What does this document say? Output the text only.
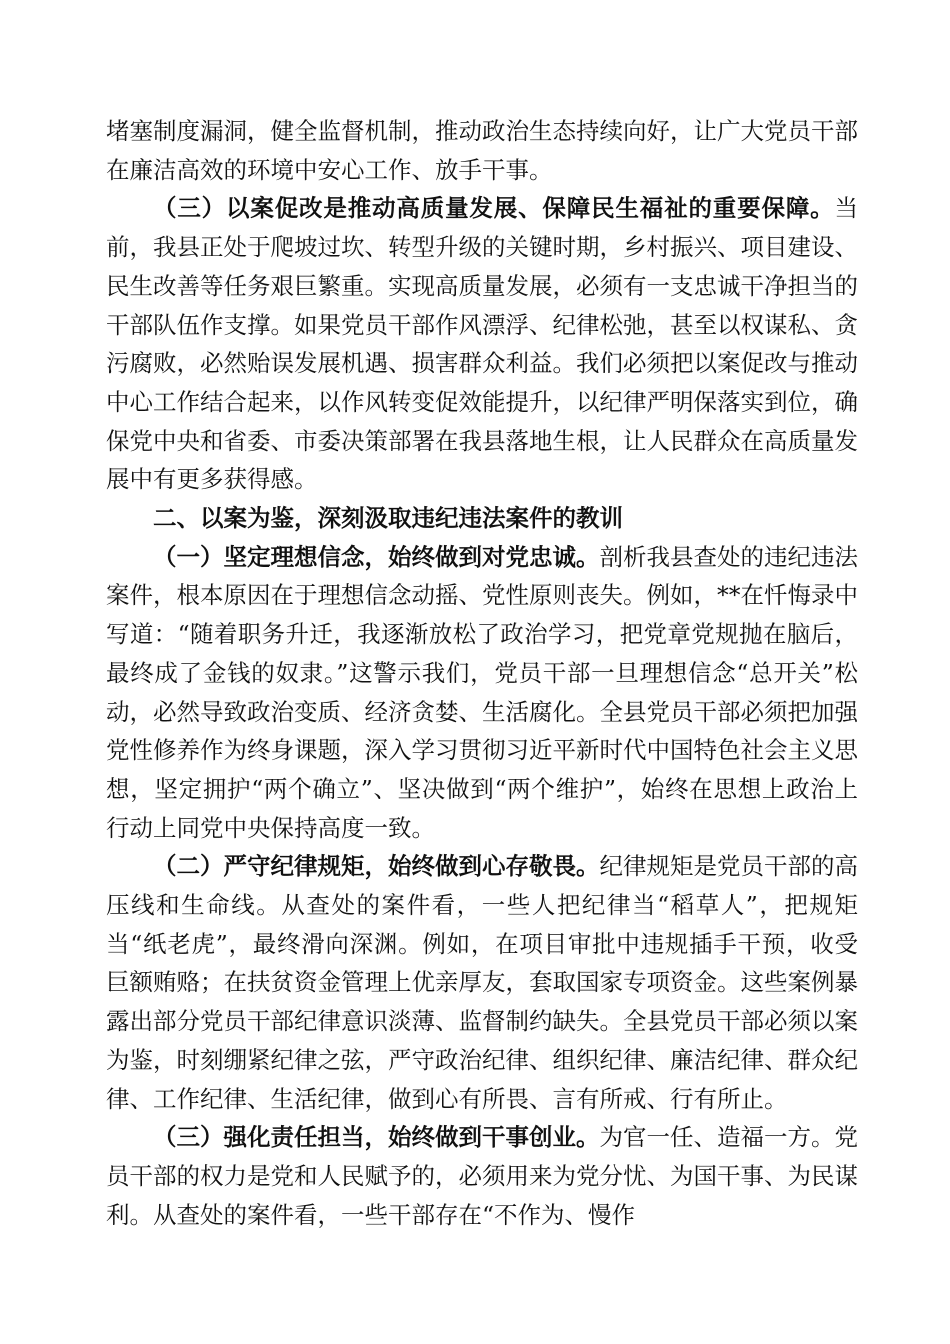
堵塞制度漏洞，健全监督机制，推动政治生态持续向好，让广大党员干部在廉洁高效的环境中安心工作、放手干事。

（三）以案促改是推动高质量发展、保障民生福祉的重要保障。当前，我县正处于爬坡过坎、转型升级的关键时期，乡村振兴、项目建设、民生改善等任务艰巨繁重。实现高质量发展，必须有一支忠诚干净担当的干部队伍作支撑。如果党员干部作风漂浮、纪律松弛，甚至以权谋私、贪污腐败，必然贻误发展机遇、损害群众利益。我们必须把以案促改与推动中心工作结合起来，以作风转变促效能提升，以纪律严明保落实到位，确保党中央和省委、市委决策部署在我县落地生根，让人民群众在高质量发展中有更多获得感。

二、以案为鉴，深刻汲取违纪违法案件的教训

（一）坚定理想信念，始终做到对党忠诚。剖析我县查处的违纪违法案件，根本原因在于理想信念动摇、党性原则丧失。例如，**在忏悔录中写道：“随着职务升迁，我逐渐放松了政治学习，把党章党规抛在脑后，最终成了金钱的奴隶。”这警示我们，党员干部一旦理想信念“总开关”松动，必然导致政治变质、经济贪婪、生活腐化。全县党员干部必须把加强党性修养作为终身课题，深入学习贯彻习近平新时代中国特色社会主义思想，坚定拥护“两个确立”、坚决做到“两个维护”，始终在思想上政治上行动上同党中央保持高度一致。

（二）严守纪律规矩，始终做到心存敬畏。纪律规矩是党员干部的高压线和生命线。从查处的案件看，一些人把纪律当“稻草人”，把规矩当“纸老虎”，最终滑向深渊。例如，在项目审批中违规插手干预，收受巨额贿赂；在扶贫资金管理上优亲厚友，套取国家专项资金。这些案例暴露出部分党员干部纪律意识淡薄、监督制约缺失。全县党员干部必须以案为鉴，时刻绷紧纪律之弦，严守政治纪律、组织纪律、廉洁纪律、群众纪律、工作纪律、生活纪律，做到心有所畏、言有所戒、行有所止。

（三）强化责任担当，始终做到干事创业。为官一任、造福一方。党员干部的权力是党和人民赋予的，必须用来为党分忧、为国干事、为民谋利。从查处的案件看，一些干部存在“不作为、慢作
